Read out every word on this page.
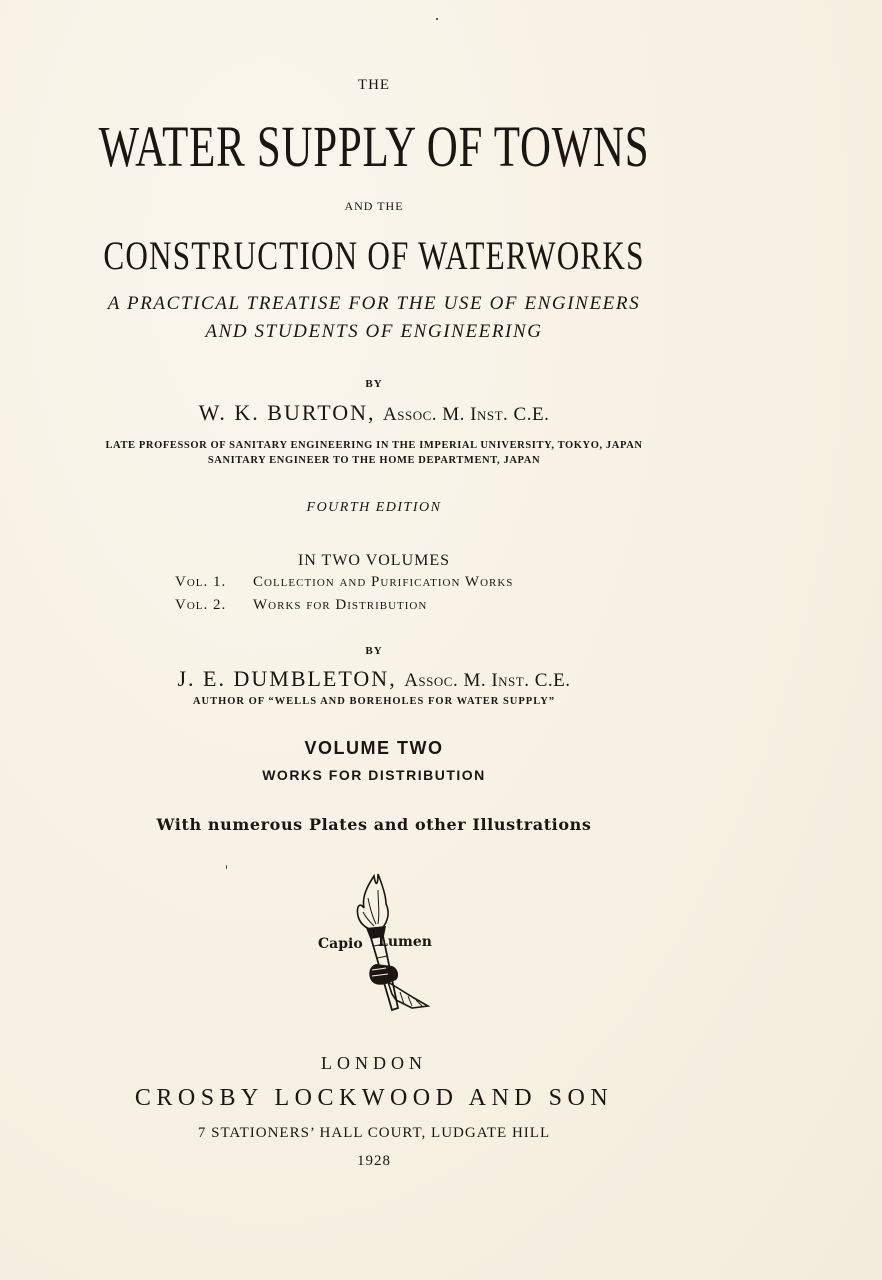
THE
WATER SUPPLY OF TOWNS
AND THE
CONSTRUCTION OF WATERWORKS
A PRACTICAL TREATISE FOR THE USE OF ENGINEERS
AND STUDENTS OF ENGINEERING
BY
W. K. BURTON, Assoc. M. Inst. C.E.
LATE PROFESSOR OF SANITARY ENGINEERING IN THE IMPERIAL UNIVERSITY, TOKYO, JAPAN
SANITARY ENGINEER TO THE HOME DEPARTMENT, JAPAN
FOURTH EDITION
IN TWO VOLUMES
Vol. 1. Collection and Purification Works
Vol. 2. Works for Distribution
BY
J. E. DUMBLETON, Assoc. M. Inst. C.E.
AUTHOR OF “WELLS AND BOREHOLES FOR WATER SUPPLY”
VOLUME TWO
WORKS FOR DISTRIBUTION
With numerous Plates and other Illustrations
Capio Lumen
LONDON
CROSBY LOCKWOOD AND SON
7 STATIONERS’ HALL COURT, LUDGATE HILL
1928
